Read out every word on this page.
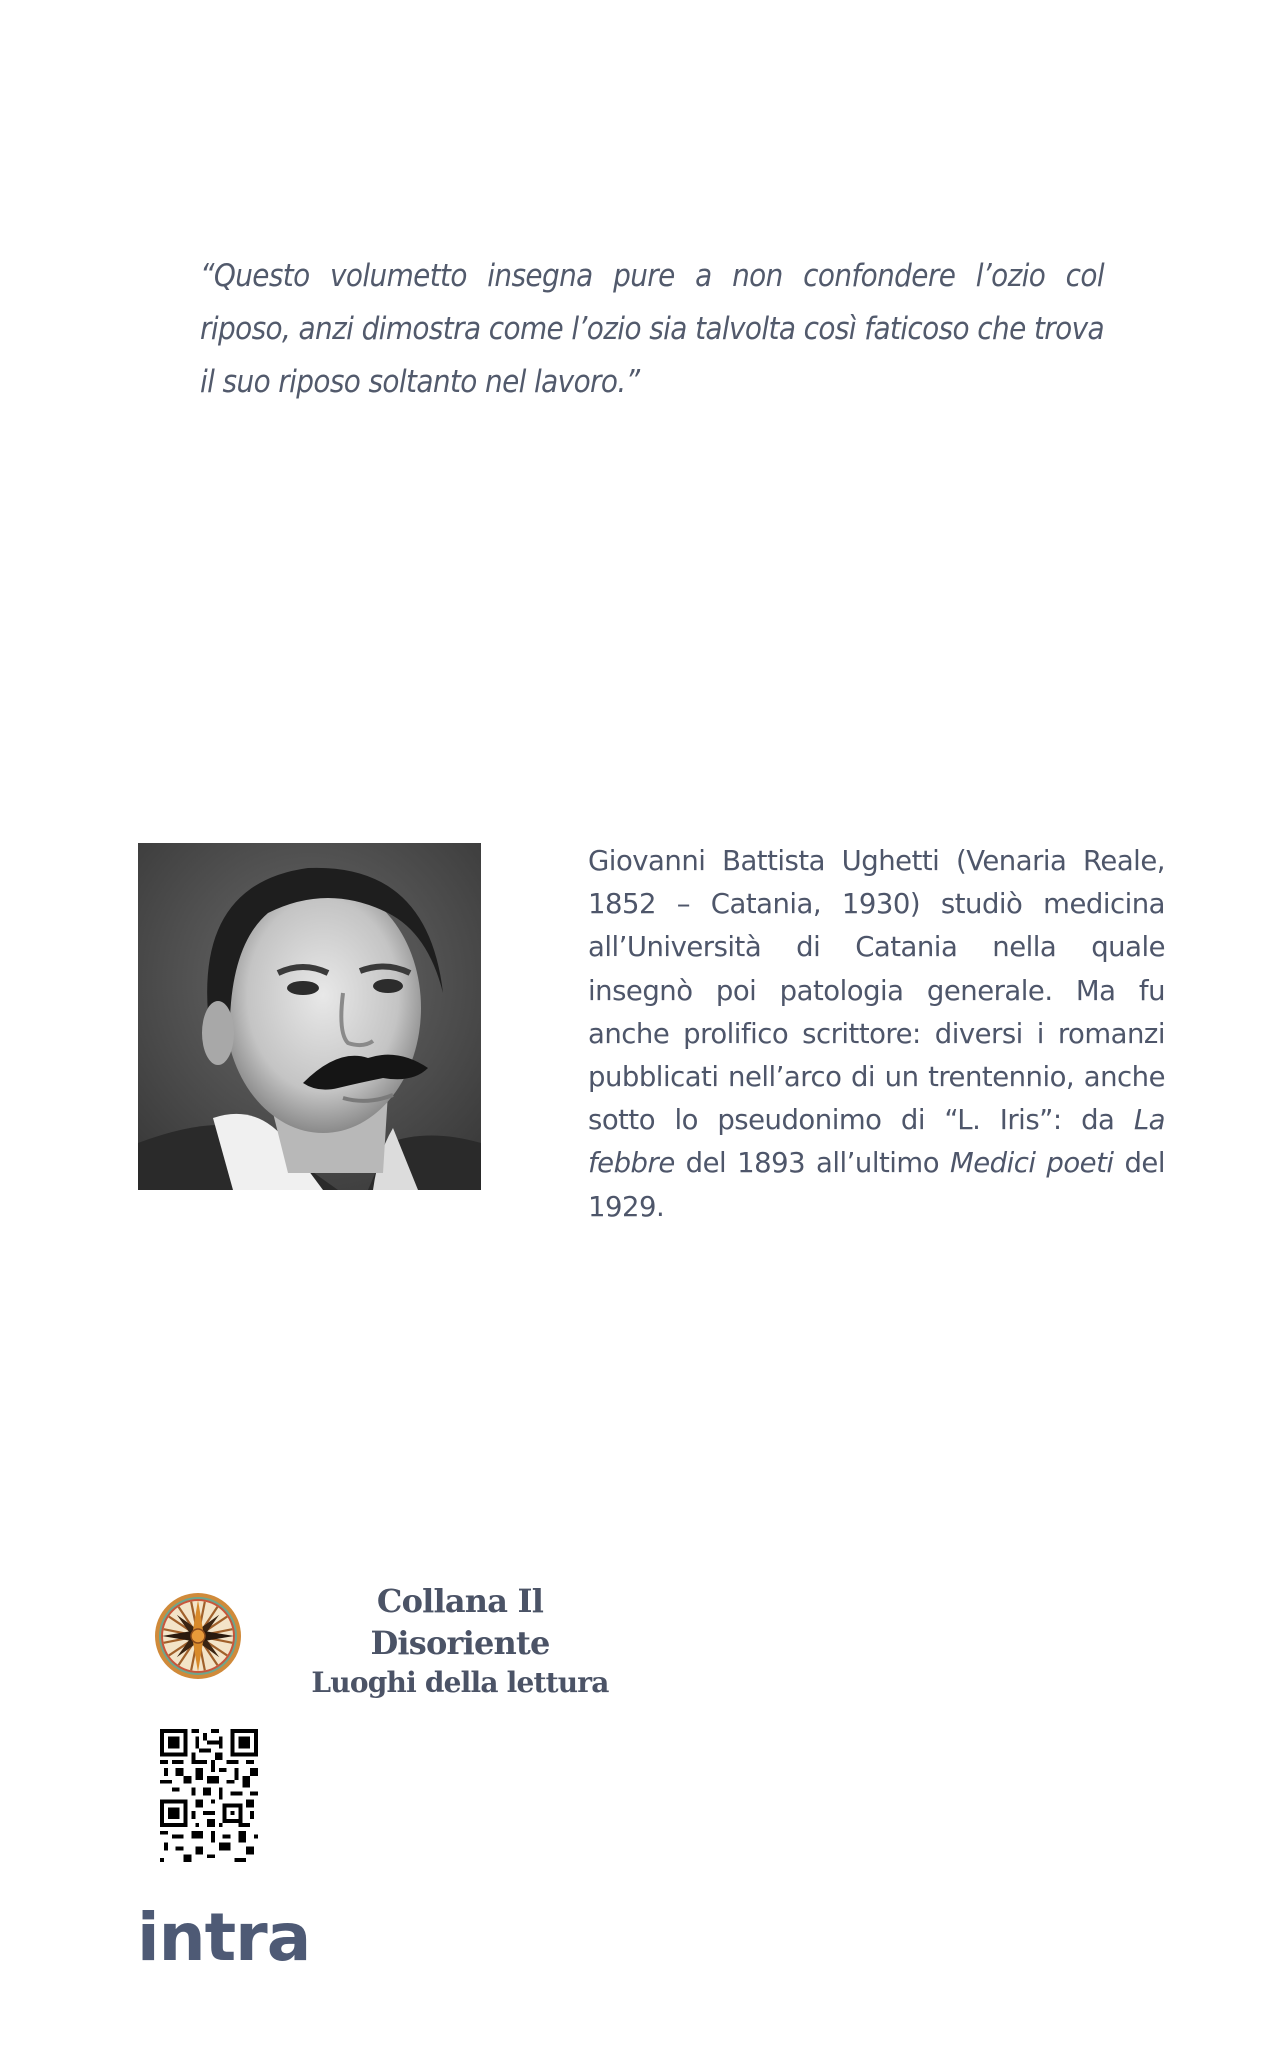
“Questo volumetto insegna pure a non confondere l’ozio col riposo, anzi dimostra come l’ozio sia talvolta così faticoso che trova il suo riposo soltanto nel lavoro.”

Giovanni Battista Ughetti (Venaria Reale, 1852 – Catania, 1930) studiò medicina all’Università di Catania nella quale insegnò poi patologia generale. Ma fu anche prolifico scrittore: diversi i romanzi pubblicati nell’arco di un trentennio, anche sotto lo pseudonimo di “L. Iris”: da La febbre del 1893 all’ultimo Medici poeti del 1929.

Collana Il Disoriente
Luoghi della lettura
intra
